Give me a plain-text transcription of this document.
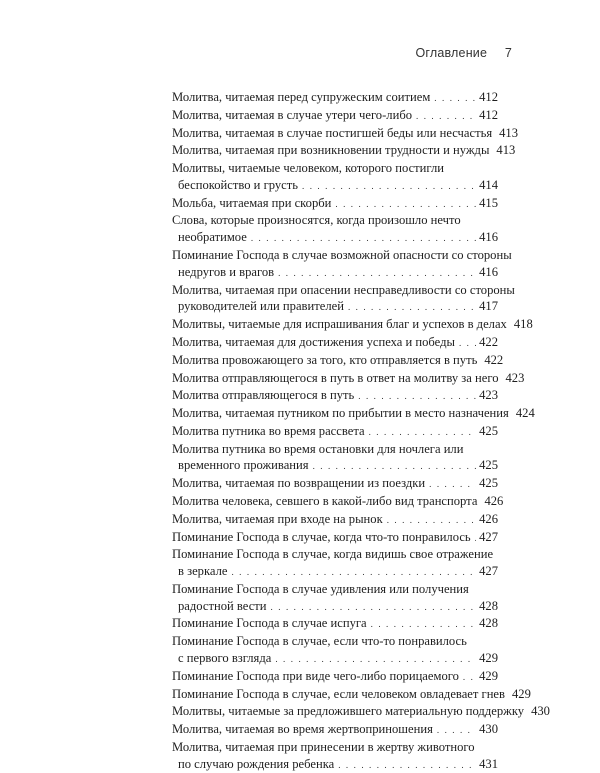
Оглавление 7
Молитва, читаемая перед супружеским соитием . . .	412
Молитва, читаемая в случае утери чего-либо . . .	412
Молитва, читаемая в случае постигшей беды или несчастья 413
Молитва, читаемая при возникновении трудности и нужды 413
Молитвы, читаемые человеком, которого постигли
беспокойство и грусть . . .	414
Мольба, читаемая при скорби . . .	415
Слова, которые произносятся, когда произошло нечто
необратимое . . .	416
Поминание Господа в случае возможной опасности со стороны
недругов и врагов . . .	416
Молитва, читаемая при опасении несправедливости со стороны
руководителей или правителей . . .	417
Молитвы, читаемые для испрашивания благ и успехов в делах 418
Молитва, читаемая для достижения успеха и победы . . . 422
Молитва провожающего за того, кто отправляется в путь 422
Молитва отправляющегося в путь в ответ на молитву за него 423
Молитва отправляющегося в путь . . .	423
Молитва, читаемая путником по прибытии в место назначения 424
Молитва путника во время рассвета . . .	425
Молитва путника во время остановки для ночлега или
временного проживания . . .	425
Молитва, читаемая по возвращении из поездки . . .	425
Молитва человека, севшего в какой-либо вид транспорта 426
Молитва, читаемая при входе на рынок . . .	426
Поминание Господа в случае, когда что-то понравилось . . . 427
Поминание Господа в случае, когда видишь свое отражение
в зеркале . . .	427
Поминание Господа в случае удивления или получения
радостной вести . . .	428
Поминание Господа в случае испуга . . .	428
Поминание Господа в случае, если что-то понравилось
с первого взгляда . . .	429
Поминание Господа при виде чего-либо порицаемого . . . 429
Поминание Господа в случае, если человеком овладевает гнев 429
Молитвы, читаемые за предложившего материальную поддержку 430
Молитва, читаемая во время жертвоприношения . . .	430
Молитва, читаемая при принесении в жертву животного
по случаю рождения ребенка . . .	431
